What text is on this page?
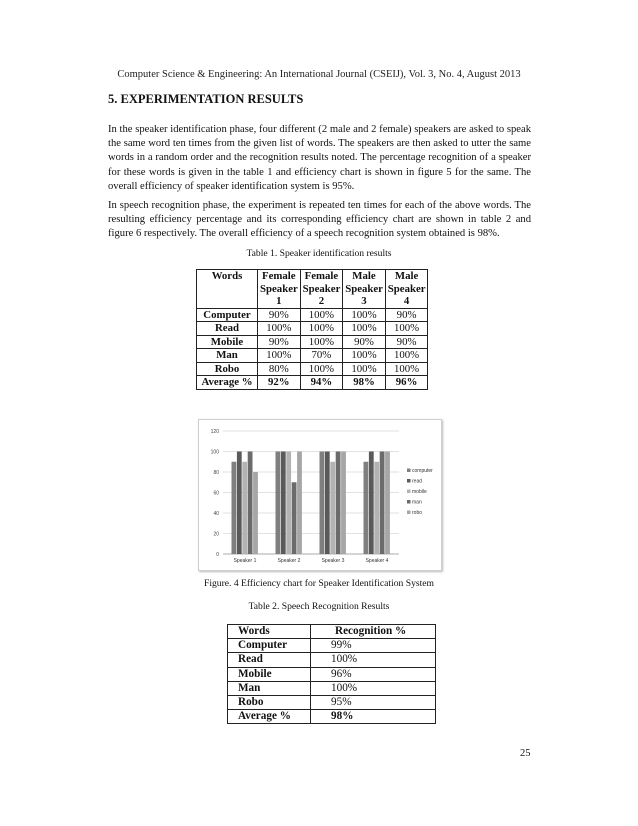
Computer Science & Engineering: An International Journal (CSEIJ), Vol. 3, No. 4, August 2013
5. EXPERIMENTATION RESULTS

In the speaker identification phase, four different (2 male and 2 female) speakers are asked to speak the same word ten times from the given list of words. The speakers are then asked to utter the same words in a random order and the recognition results noted. The percentage recognition of a speaker for these words is given in the table 1 and efficiency chart is shown in figure 5 for the same. The overall efficiency of speaker identification system is 95%.

In speech recognition phase, the experiment is repeated ten times for each of the above words. The resulting efficiency percentage and its corresponding efficiency chart are shown in table 2 and figure 6 respectively. The overall efficiency of a speech recognition system obtained is 98%.

Table 1. Speaker identification results
Words	Female Speaker 1	Female Speaker 2	Male Speaker 3	Male Speaker 4
Computer	90%	100%	100%	90%
Read	100%	100%	100%	100%
Mobile	90%	100%	90%	90%
Man	100%	70%	100%	100%
Robo	80%	100%	100%	100%
Average %	92%	94%	98%	96%
0
20
40
60
80
100
120
Speaker 1	Speaker 2	Speaker 3	Speaker 4
computer
read
mobile
man
robo
Figure. 4 Efficiency chart for Speaker Identification System
Table 2. Speech Recognition Results
Words	Recognition %
Computer	99%
Read	100%
Mobile	96%
Man	100%
Robo	95%
Average %	98%
25
